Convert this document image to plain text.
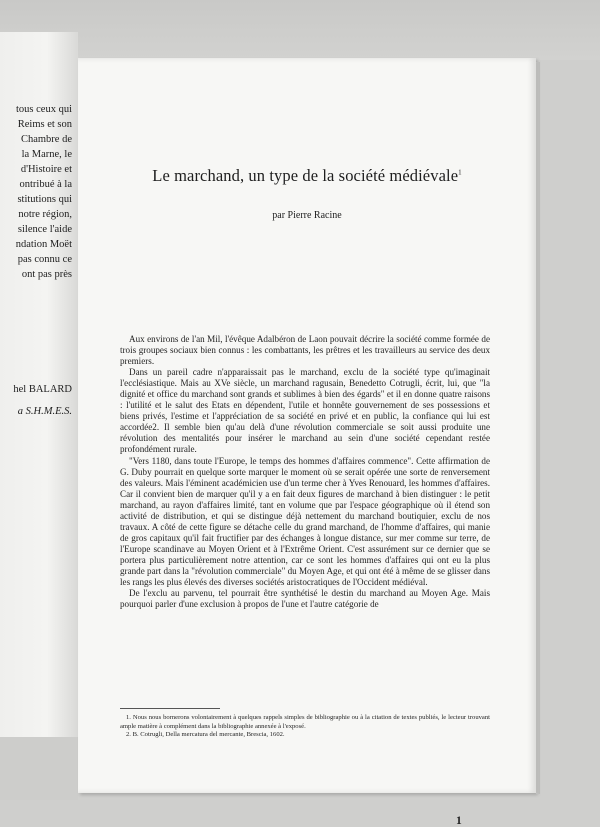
tous ceux qui
Reims et son
Chambre de
la Marne, le
d'Histoire et
ontribué à la
stitutions qui
notre région,
silence l'aide
ndation Moët
pas connu ce
ont pas près
hel BALARD
a S.H.M.E.S.
Le marchand, un type de la société médiévale$^1$
par Pierre Racine

Aux environs de l'an Mil, l'évêque Adalbéron de Laon pouvait décrire la société comme formée de trois groupes sociaux bien connus : les combattants, les prêtres et les travailleurs au service des deux premiers.

Dans un pareil cadre n'apparaissait pas le marchand, exclu de la société type qu'imaginait l'ecclésiastique. Mais au XVe siècle, un marchand ragusain, Benedetto Cotrugli, écrit, lui, que "la dignité et office du marchand sont grands et sublimes à bien des égards" et il en donne quatre raisons : l'utilité et le salut des Etats en dépendent, l'utile et honnête gouvernement de ses possessions et biens privés, l'estime et l'appréciation de sa société en privé et en public, la confiance qui lui est accordée2. Il semble bien qu'au delà d'une révolution commerciale se soit aussi produite une révolution des mentalités pour insérer le marchand au sein d'une société cependant restée profondément rurale.

"Vers 1180, dans toute l'Europe, le temps des hommes d'affaires commence". Cette affirmation de G. Duby pourrait en quelque sorte marquer le moment où se serait opérée une sorte de renversement des valeurs. Mais l'éminent académicien use d'un terme cher à Yves Renouard, les hommes d'affaires. Car il convient bien de marquer qu'il y a en fait deux figures de marchand à bien distinguer : le petit marchand, au rayon d'affaires limité, tant en volume que par l'espace géographique où il étend son activité de distribution, et qui se distingue déjà nettement du marchand boutiquier, exclu de nos travaux. A côté de cette figure se détache celle du grand marchand, de l'homme d'affaires, qui manie de gros capitaux qu'il fait fructifier par des échanges à longue distance, sur mer comme sur terre, de l'Europe scandinave au Moyen Orient et à l'Extrême Orient. C'est assurément sur ce dernier que se portera plus particulièrement notre attention, car ce sont les hommes d'affaires qui ont eu la plus grande part dans la "révolution commerciale" du Moyen Age, et qui ont été à même de se glisser dans les rangs les plus élevés des diverses sociétés aristocratiques de l'Occident médiéval.

De l'exclu au parvenu, tel pourrait être synthétisé le destin du marchand au Moyen Age. Mais pourquoi parler d'une exclusion à propos de l'une et l'autre catégorie de

1. Nous nous bornerons volontairement à quelques rappels simples de bibliographie ou à la citation de textes publiés, le lecteur trouvant ample matière à complément dans la bibliographie annexée à l'exposé.

2. B. Cotrugli, Della mercatura del mercante, Brescia, 1602.

1
